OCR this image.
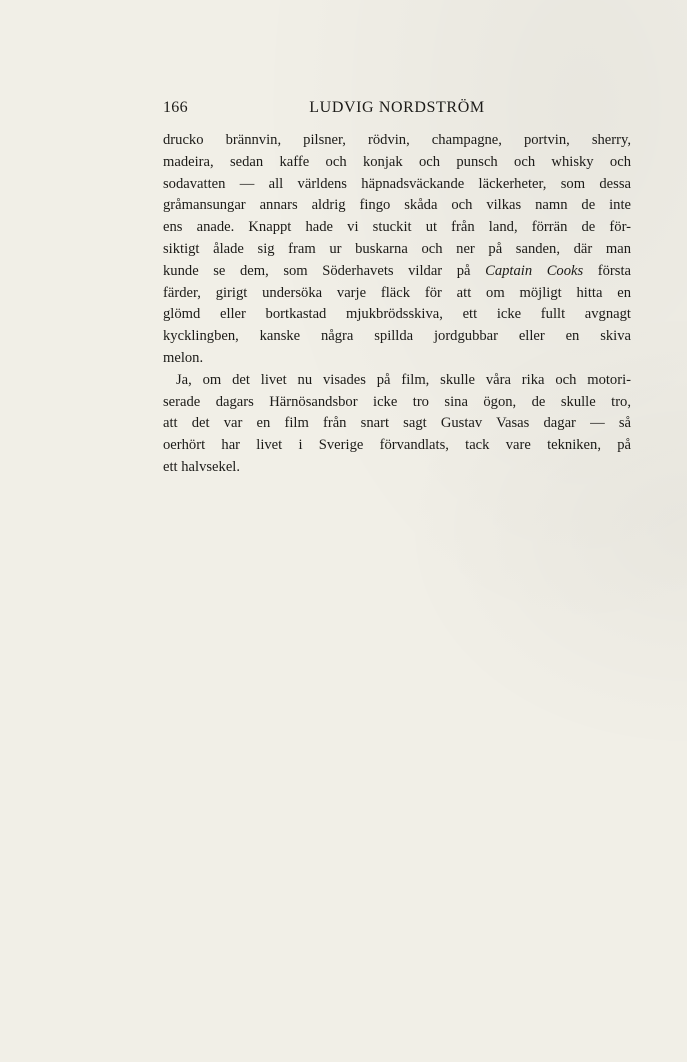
166	LUDVIG NORDSTRÖM
drucko brännvin, pilsner, rödvin, champagne, portvin, sherry,
madeira, sedan kaffe och konjak och punsch och whisky och
sodavatten — all världens häpnadsväckande läckerheter, som dessa
gråmansungar annars aldrig fingo skåda och vilkas namn de inte
ens anade. Knappt hade vi stuckit ut från land, förrän de för-
siktigt ålade sig fram ur buskarna och ner på sanden, där man
kunde se dem, som Söderhavets vildar på Captain Cooks första
färder, girigt undersöka varje fläck för att om möjligt hitta en
glömd eller bortkastad mjukbrödsskiva, ett icke fullt avgnagt
kycklingben, kanske några spillda jordgubbar eller en skiva
melon.
Ja, om det livet nu visades på film, skulle våra rika och motori-
serade dagars Härnösandsbor icke tro sina ögon, de skulle tro,
att det var en film från snart sagt Gustav Vasas dagar — så
oerhört har livet i Sverige förvandlats, tack vare tekniken, på
ett halvsekel.
